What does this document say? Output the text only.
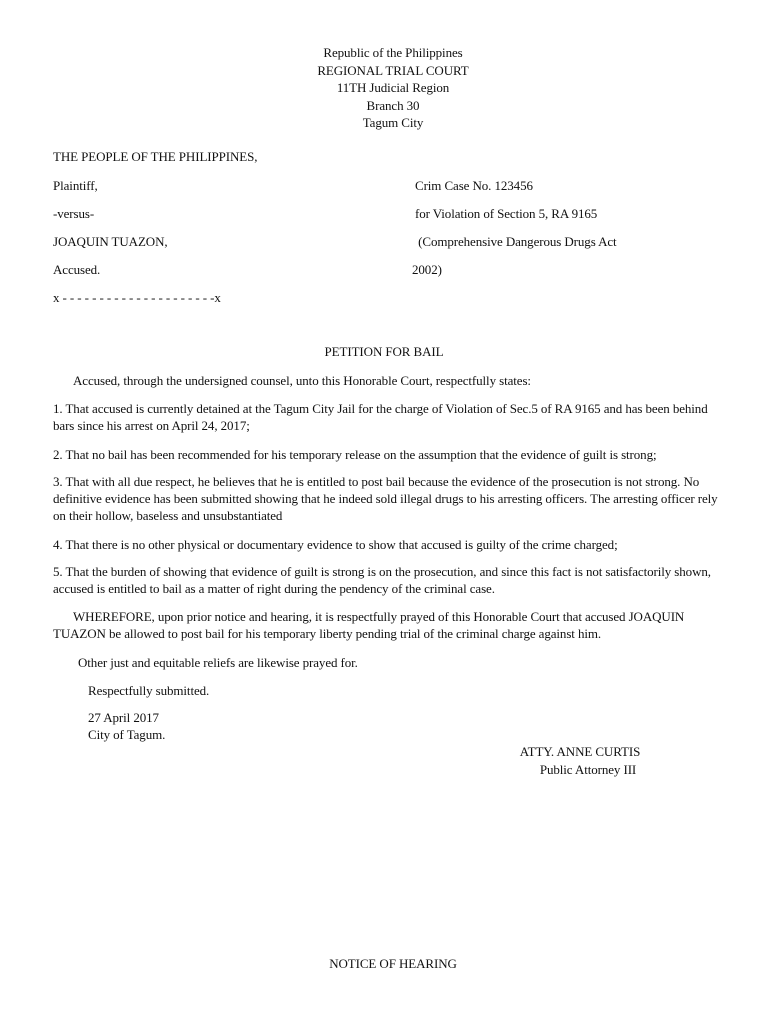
Republic of the Philippines
REGIONAL TRIAL COURT
11TH Judicial Region
Branch 30
Tagum City
THE PEOPLE OF THE PHILIPPINES,
Plaintiff,
-versus-
JOAQUIN TUAZON,
Accused.
x - - - - - - - - - - - - - - - - - - - - -x
Crim Case No. 123456
for Violation of Section 5, RA 9165
(Comprehensive Dangerous Drugs Act
2002)
PETITION FOR BAIL
Accused, through the undersigned counsel, unto this Honorable Court, respectfully states:
1. That accused is currently detained at the Tagum City Jail for the charge of Violation of Sec.5 of RA 9165 and has been behind bars since his arrest on April 24, 2017;
2. That no bail has been recommended for his temporary release on the assumption that the evidence of guilt is strong;
3. That with all due respect, he believes that he is entitled to post bail because the evidence of the prosecution is not strong. No definitive evidence has been submitted showing that he indeed sold illegal drugs to his arresting officers. The arresting officer rely on their hollow, baseless and unsubstantiated
4. That there is no other physical or documentary evidence to show that accused is guilty of the crime charged;
5. That the burden of showing that evidence of guilt is strong is on the prosecution, and since this fact is not satisfactorily shown, accused is entitled to bail as a matter of right during the pendency of the criminal case.
WHEREFORE, upon prior notice and hearing, it is respectfully prayed of this Honorable Court that accused JOAQUIN TUAZON be allowed to post bail for his temporary liberty pending trial of the criminal charge against him.
Other just and equitable reliefs are likewise prayed for.
Respectfully submitted.
27 April 2017
City of Tagum.
ATTY. ANNE CURTIS
Public Attorney III
NOTICE OF HEARING
